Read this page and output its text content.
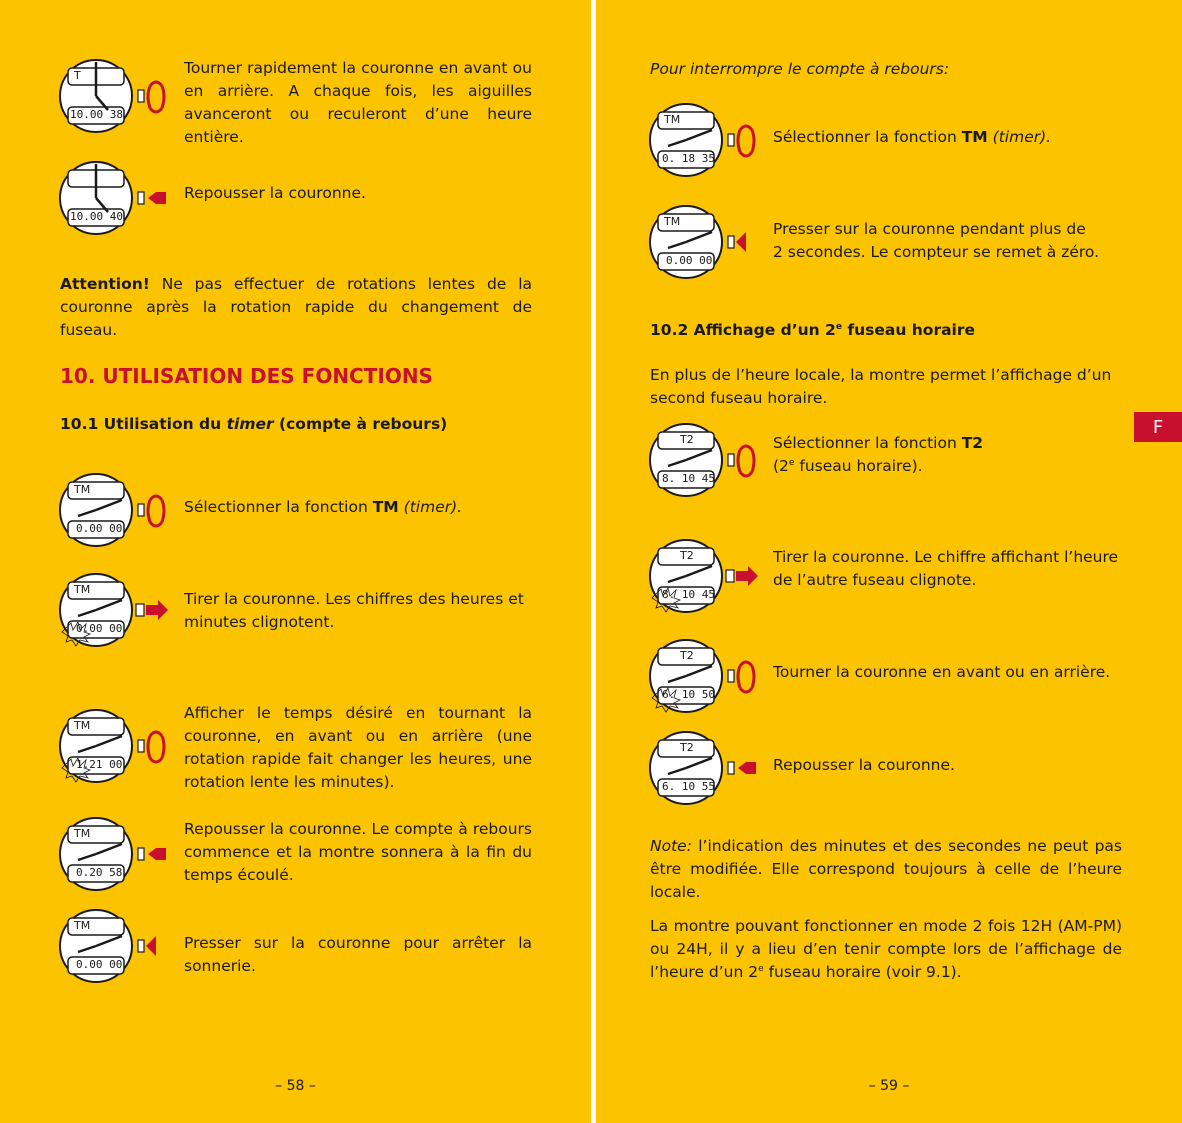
T
10.00 38
Tourner rapidement la couronne en avant ou en arrière. A chaque fois, les aiguilles avanceront ou reculeront d’une heure entière.
10.00 40
Repousser la couronne.
Attention! Ne pas effectuer de rotations lentes de la couronne après la rotation rapide du changement de fuseau.
10. UTILISATION DES FONCTIONS
10.1 Utilisation du timer (compte à rebours)
TM
0.00 00
Sélectionner la fonction TM (timer).
TM
0.00 00
Tirer la couronne. Les chiffres des heures et minutes clignotent.
TM
1.21 00
Afficher le temps désiré en tournant la couronne, en avant ou en arrière (une rotation rapide fait changer les heures, une rotation lente les minutes).
TM
0.20 58
Repousser la couronne. Le compte à rebours commence et la montre sonnera à la fin du temps écoulé.
TM
0.00 00
Presser sur la couronne pour arrêter la sonnerie.
– 58 –
Pour interrompre le compte à rebours:
TM
0. 18 35
Sélectionner la fonction TM (timer).
TM
0.00 00
Presser sur la couronne pendant plus de
2 secondes. Le compteur se remet à zéro.
10.2 Affichage d’un 2e fuseau horaire
En plus de l’heure locale, la montre permet l’affichage d’un second fuseau horaire.
T2
8. 10 45
Sélectionner la fonction T2
(2e fuseau horaire).
T2
8. 10 45
Tirer la couronne. Le chiffre affichant l’heure de l’autre fuseau clignote.
T2
6. 10 50
Tourner la couronne en avant ou en arrière.
T2
6. 10 55
Repousser la couronne.
Note: l’indication des minutes et des secondes ne peut pas être modifiée. Elle correspond toujours à celle de l’heure locale.
La montre pouvant fonctionner en mode 2 fois 12H (AM-PM) ou 24H, il y a lieu d’en tenir compte lors de l’affichage de l’heure d’un 2e fuseau horaire (voir 9.1).
– 59 –
F
